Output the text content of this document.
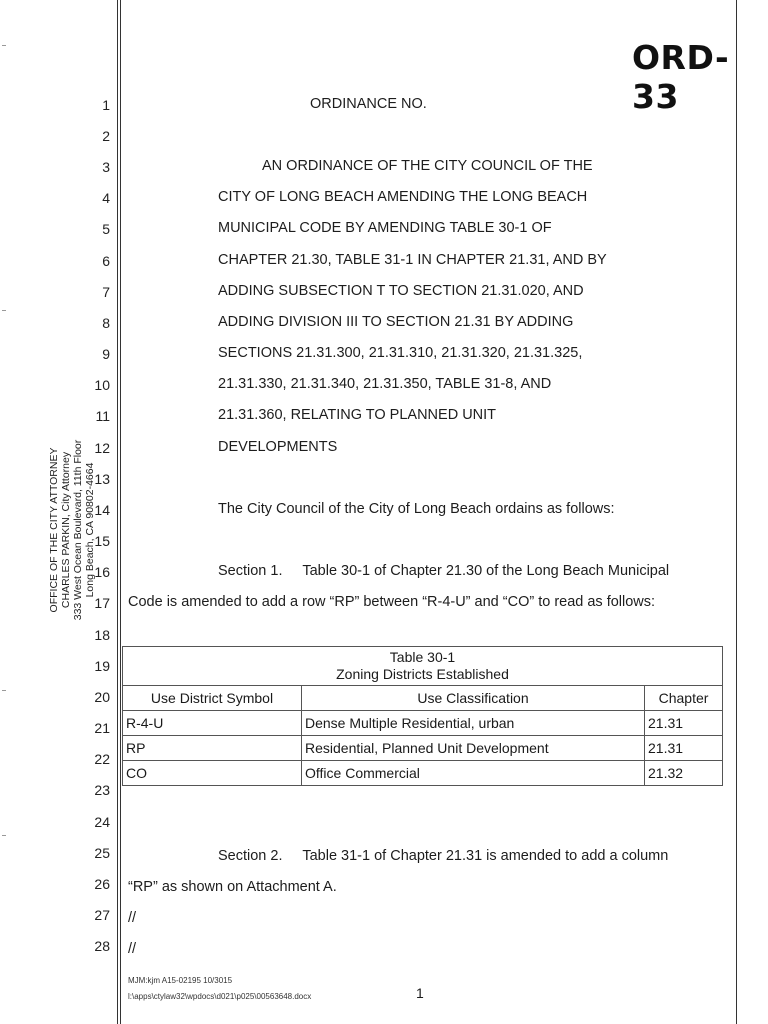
ORD-33
OFFICE OF THE CITY ATTORNEY CHARLES PARKIN, City Attorney 333 West Ocean Boulevard, 11th Floor Long Beach, CA 90802-4664
1
2
3
4
5
6
7
8
9
10
11
12
13
14
15
16
17
18
19
20
21
22
23
24
25
26
27
28
ORDINANCE NO.
AN ORDINANCE OF THE CITY COUNCIL OF THE
CITY OF LONG BEACH AMENDING THE LONG BEACH
MUNICIPAL CODE BY AMENDING TABLE 30-1 OF
CHAPTER 21.30, TABLE 31-1 IN CHAPTER 21.31, AND BY
ADDING SUBSECTION T TO SECTION 21.31.020, AND
ADDING DIVISION III TO SECTION 21.31 BY ADDING
SECTIONS 21.31.300, 21.31.310, 21.31.320, 21.31.325,
21.31.330, 21.31.340, 21.31.350, TABLE 31-8, AND
21.31.360, RELATING TO PLANNED UNIT
DEVELOPMENTS
The City Council of the City of Long Beach ordains as follows:
Section 1.     Table 30-1 of Chapter 21.30 of the Long Beach Municipal
Code is amended to add a row “RP” between “R-4-U” and “CO” to read as follows:
Table 30-1
Zoning Districts Established		

Use District Symbol	Use Classification	Chapter
R-4-U	Dense Multiple Residential, urban	21.31
RP	Residential, Planned Unit Development	21.31
CO	Office Commercial	21.32
Section 2.     Table 31-1 of Chapter 21.31 is amended to add a column
“RP” as shown on Attachment A.
//
//
MJM:kjm A15-02195 10/3015
l:\apps\ctylaw32\wpdocs\d021\p025\00563648.docx	1
